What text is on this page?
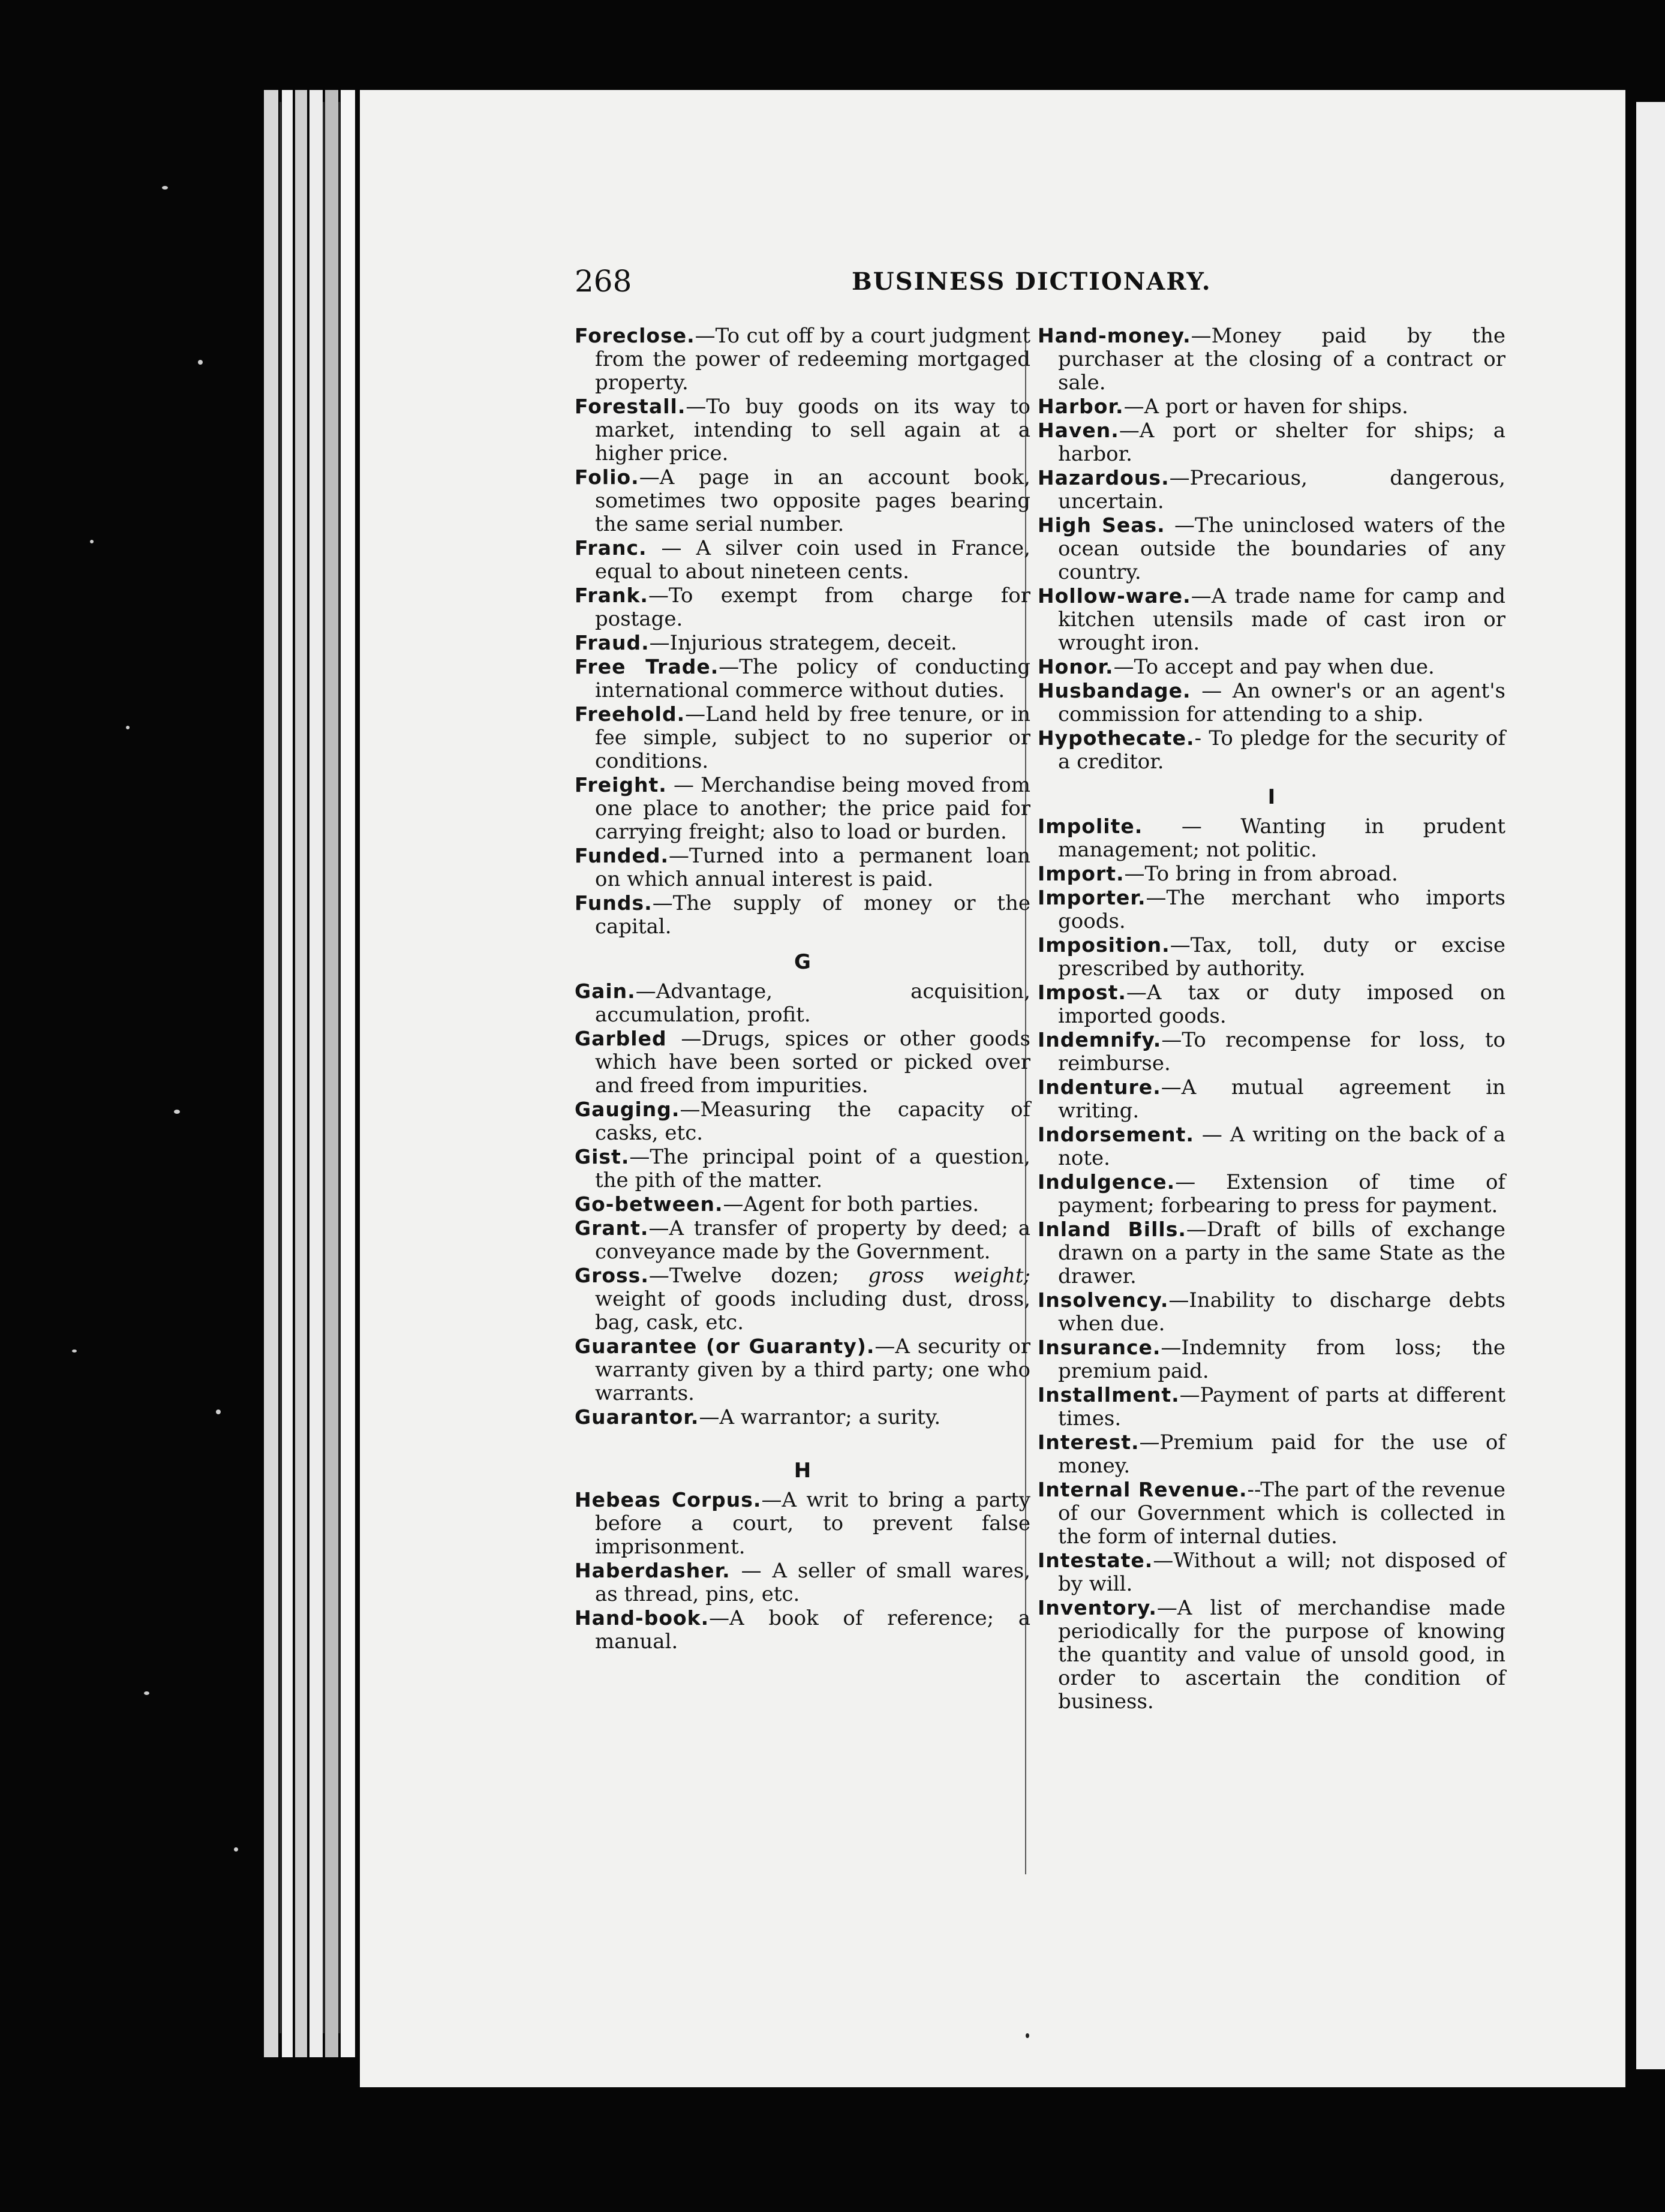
268	BUSINESS DICTIONARY.

Foreclose.—To cut off by a court judgment from the power of redeeming mortgaged property.

Forestall.—To buy goods on its way to market, intending to sell again at a higher price.

Folio.—A page in an account book, sometimes two opposite pages bearing the same serial number.

Franc. — A silver coin used in France, equal to about nineteen cents.

Frank.—To exempt from charge for postage.

Fraud.—Injurious strategem, deceit.

Free Trade.—The policy of conducting international commerce without duties.

Freehold.—Land held by free tenure, or in fee simple, subject to no superior or conditions.

Freight. — Merchandise being moved from one place to another; the price paid for carrying freight; also to load or burden.

Funded.—Turned into a permanent loan on which annual interest is paid.

Funds.—The supply of money or the capital.

G

Gain.—Advantage, acquisition, accumulation, profit.

Garbled —Drugs, spices or other goods which have been sorted or picked over and freed from impurities.

Gauging.—Measuring the capacity of casks, etc.

Gist.—The principal point of a question, the pith of the matter.

Go-between.—Agent for both parties.

Grant.—A transfer of property by deed; a conveyance made by the Government.

Gross.—Twelve dozen; gross weight; weight of goods including dust, dross, bag, cask, etc.

Guarantee (or Guaranty).—A security or warranty given by a third party; one who warrants.

Guarantor.—A warrantor; a surity.

H

Hebeas Corpus.—A writ to bring a party before a court, to prevent false imprisonment.

Haberdasher. — A seller of small wares, as thread, pins, etc.

Hand-book.—A book of reference; a manual.

Hand-money.—Money paid by the purchaser at the closing of a contract or sale.

Harbor.—A port or haven for ships.

Haven.—A port or shelter for ships; a harbor.

Hazardous.—Precarious, dangerous, uncertain.

High Seas. —The uninclosed waters of the ocean outside the boundaries of any country.

Hollow-ware.—A trade name for camp and kitchen utensils made of cast iron or wrought iron.

Honor.—To accept and pay when due.

Husbandage. — An owner's or an agent's commission for attending to a ship.

Hypothecate.- To pledge for the security of a creditor.

I

Impolite. — Wanting in prudent management; not politic.

Import.—To bring in from abroad.

Importer.—The merchant who imports goods.

Imposition.—Tax, toll, duty or excise prescribed by authority.

Impost.—A tax or duty imposed on imported goods.

Indemnify.—To recompense for loss, to reimburse.

Indenture.—A mutual agreement in writing.

Indorsement. — A writing on the back of a note.

Indulgence.— Extension of time of payment; forbearing to press for payment.

Inland Bills.—Draft of bills of exchange drawn on a party in the same State as the drawer.

Insolvency.—Inability to discharge debts when due.

Insurance.—Indemnity from loss; the premium paid.

Installment.—Payment of parts at different times.

Interest.—Premium paid for the use of money.

Internal Revenue.--The part of the revenue of our Government which is collected in the form of internal duties.

Intestate.—Without a will; not disposed of by will.

Inventory.—A list of merchandise made periodically for the purpose of knowing the quantity and value of unsold good, in order to ascertain the condition of business.
